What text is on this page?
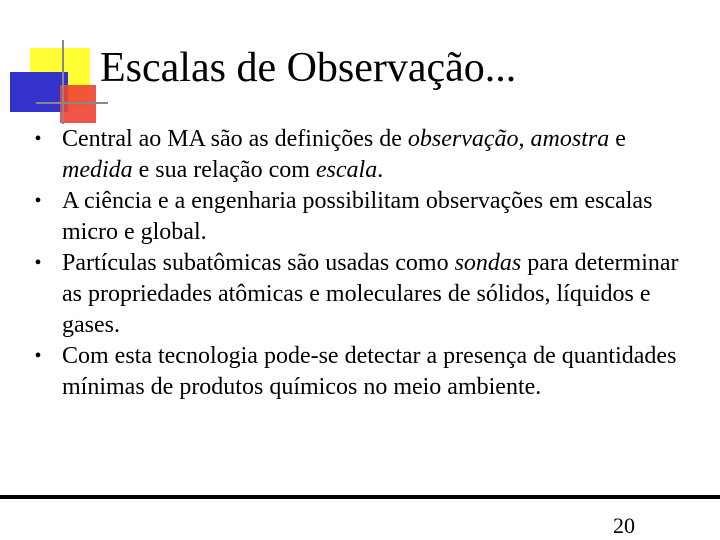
Escalas de Observação...
• Central ao MA são as definições de observação, amostra e medida e sua relação com escala.
• A ciência e a engenharia possibilitam observações em escalas micro e global.
• Partículas subatômicas são usadas como sondas para determinar as propriedades atômicas e moleculares de sólidos, líquidos e gases.
• Com esta tecnologia pode-se detectar a presença de quantidades mínimas de produtos químicos no meio ambiente.
20
